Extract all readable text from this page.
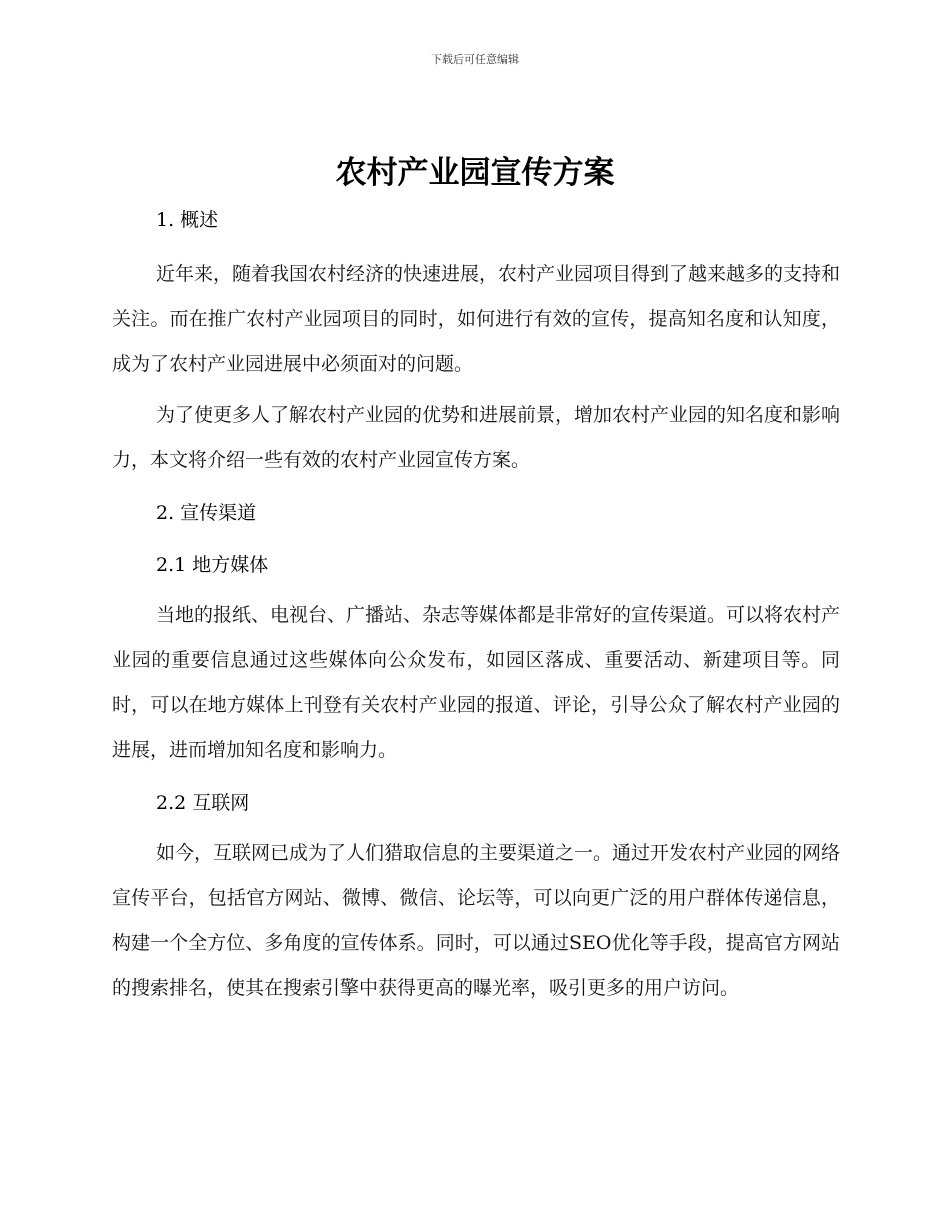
下载后可任意编辑
农村产业园宣传方案
1. 概述

近年来，随着我国农村经济的快速进展，农村产业园项目得到了越来越多的支持和关注。而在推广农村产业园项目的同时，如何进行有效的宣传，提高知名度和认知度，成为了农村产业园进展中必须面对的问题。

为了使更多人了解农村产业园的优势和进展前景，增加农村产业园的知名度和影响力，本文将介绍一些有效的农村产业园宣传方案。

2. 宣传渠道
2.1 地方媒体

当地的报纸、电视台、广播站、杂志等媒体都是非常好的宣传渠道。可以将农村产业园的重要信息通过这些媒体向公众发布，如园区落成、重要活动、新建项目等。同时，可以在地方媒体上刊登有关农村产业园的报道、评论，引导公众了解农村产业园的进展，进而增加知名度和影响力。

2.2 互联网

如今，互联网已成为了人们猎取信息的主要渠道之一。通过开发农村产业园的网络宣传平台，包括官方网站、微博、微信、论坛等，可以向更广泛的用户群体传递信息，构建一个全方位、多角度的宣传体系。同时，可以通过SEO优化等手段，提高官方网站的搜索排名，使其在搜索引擎中获得更高的曝光率，吸引更多的用户访问。
